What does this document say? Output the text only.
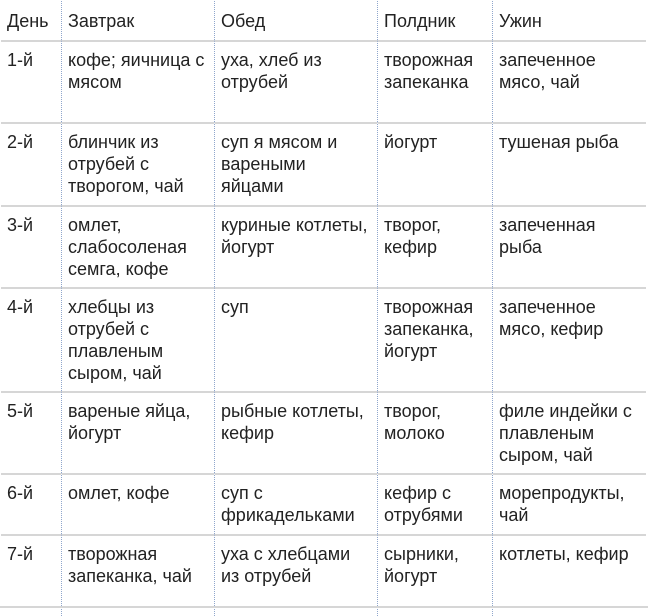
День	Завтрак	Обед	Полдник	Ужин
1-й	кофе; яичница с мясом	уха, хлеб из отрубей	творожная запеканка	запеченное мясо, чай
2-й	блинчик из отрубей с творогом, чай	суп я мясом и вареными яйцами	йогурт	тушеная рыба
3-й	омлет, слабосоленая семга, кофе	куриные котлеты, йогурт	творог, кефир	запеченная рыба
4-й	хлебцы из отрубей с плавленым сыром, чай	суп	творожная запеканка, йогурт	запеченное мясо, кефир
5-й	вареные яйца, йогурт	рыбные котлеты, кефир	творог, молоко	филе индейки с плавленым сыром, чай
6-й	омлет, кофе	суп с фрикадельками	кефир с отрубями	морепродукты, чай
7-й	творожная запеканка, чай	уха с хлебцами из отрубей	сырники, йогурт	котлеты, кефир
